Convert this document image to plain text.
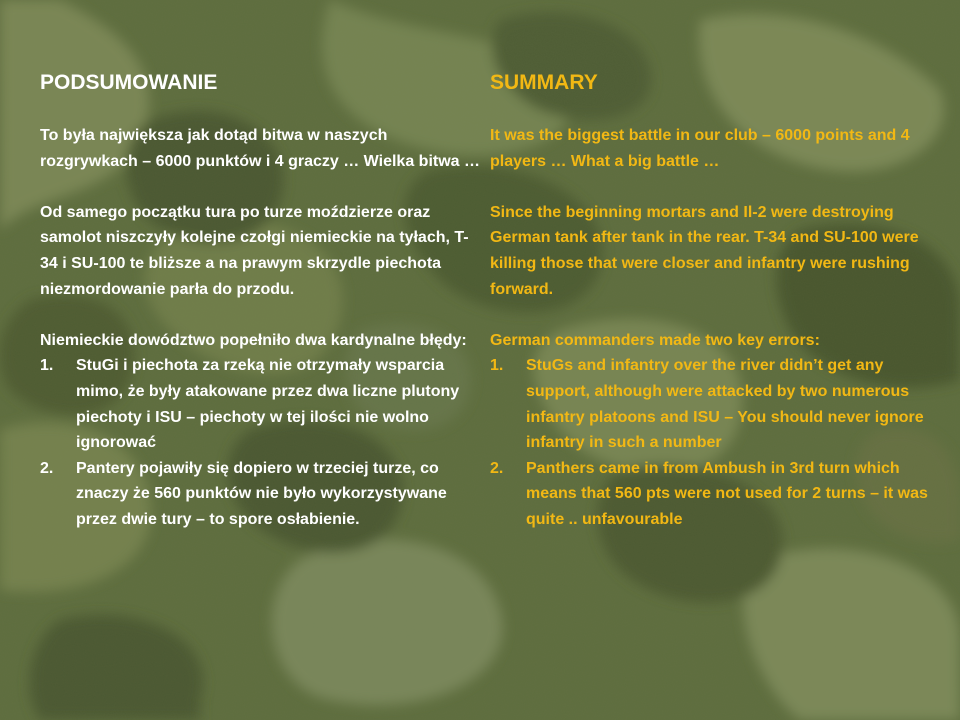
PODSUMOWANIE
To była największa jak dotąd bitwa w naszych rozgrywkach – 6000 punktów i 4 graczy … Wielka bitwa …
Od samego początku tura po turze moździerze oraz samolot niszczyły kolejne czołgi niemieckie na tyłach, T-34 i SU-100 te bliższe a na prawym skrzydle piechota niezmordowanie parła do przodu.
Niemieckie dowództwo popełniło dwa kardynalne błędy:
1. StuGi i piechota za rzeką nie otrzymały wsparcia mimo, że były atakowane przez dwa liczne plutony piechoty i ISU – piechoty w tej ilości nie wolno ignorować
2. Pantery pojawiły się dopiero w trzeciej turze, co znaczy że 560 punktów nie było wykorzystywane przez dwie tury – to spore osłabienie.
SUMMARY
It was the biggest battle in our club – 6000 points and 4 players … What a big battle …
Since the beginning mortars and Il-2 were destroying German tank after tank in the rear. T-34 and SU-100 were killing those that were closer and infantry were rushing forward.
German commanders made two key errors:
1. StuGs and infantry over the river didn’t get any support, although were attacked by two numerous infantry platoons and ISU – You should never ignore infantry in such a number
2. Panthers came in from Ambush in 3rd turn which means that 560 pts were not used for 2 turns – it was quite .. unfavourable
